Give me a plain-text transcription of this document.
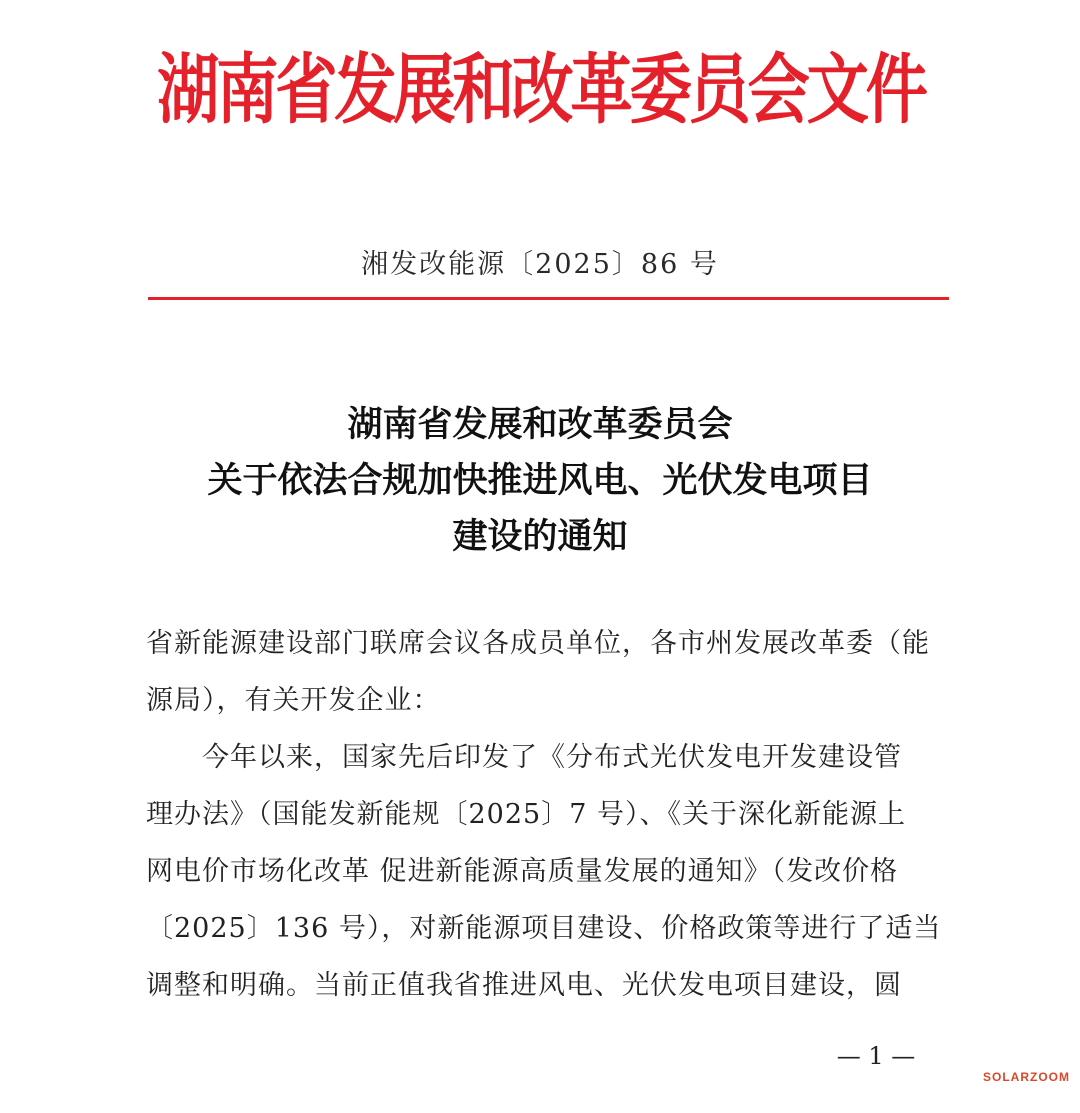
湖南省发展和改革委员会文件
湘发改能源〔2025〕86 号
湖南省发展和改革委员会
关于依法合规加快推进风电、光伏发电项目
建设的通知
省新能源建设部门联席会议各成员单位，各市州发展改革委（能
源局），有关开发企业：
今年以来，国家先后印发了《分布式光伏发电开发建设管
理办法》（国能发新能规〔2025〕7 号）、《关于深化新能源上
网电价市场化改革 促进新能源高质量发展的通知》（发改价格
〔2025〕136 号），对新能源项目建设、价格政策等进行了适当
调整和明确。当前正值我省推进风电、光伏发电项目建设，圆
— 1 —
SOLARZOOM
